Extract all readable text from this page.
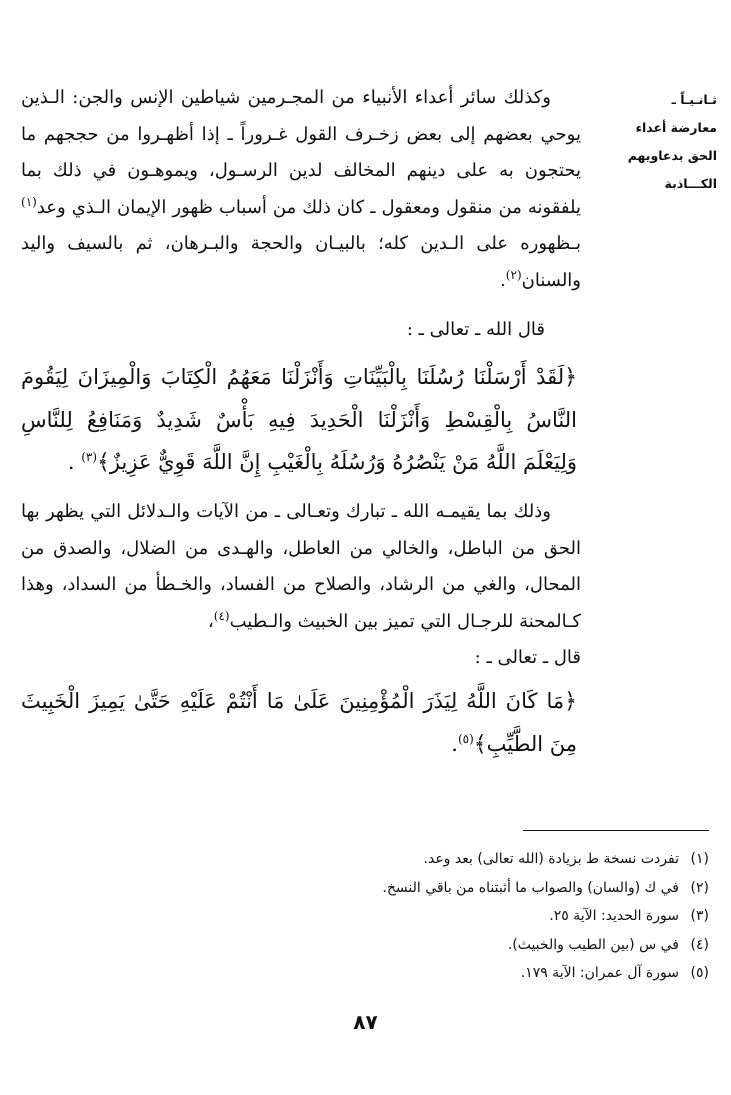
ثـانـيـاً ـ
معارضة أعداء
الحق بدعاويهم
الكـــاذبة

وكذلك سائر أعداء الأنبياء من المجـرمين شياطين الإنس والجن: الـذين يوحي بعضهم إلى بعض زخـرف القول غـروراً ـ إذا أظهـروا من حججهم ما يحتجون به على دينهم المخالف لدين الرسـول، ويموهـون في ذلك بما يلفقونه من منقول ومعقول ـ كان ذلك من أسباب ظهور الإيمان الـذي وعد$^{(١)}$ بـظهوره على الـدين كله؛ بالبيـان والحجة والبـرهان، ثم بالسيف واليد والسنان$^{(٢)}$.

قال الله ـ تعالى ـ :

﴿لَقَدْ أَرْسَلْنَا رُسُلَنَا بِالْبَيِّنَاتِ وَأَنْزَلْنَا مَعَهُمُ الْكِتَابَ وَالْمِيزَانَ لِيَقُومَ النَّاسُ بِالْقِسْطِ وَأَنْزَلْنَا الْحَدِيدَ فِيهِ بَأْسٌ شَدِيدٌ وَمَنَافِعُ لِلنَّاسِ وَلِيَعْلَمَ اللَّهُ مَنْ يَنْصُرُهُ وَرُسُلَهُ بِالْغَيْبِ إِنَّ اللَّهَ قَوِيٌّ عَزِيزٌ﴾$^{(٣)}$ .

وذلك بما يقيمـه الله ـ تبارك وتعـالى ـ من الآيات والـدلائل التي يظهر بها الحق من الباطل، والخالي من العاطل، والهـدى من الضلال، والصدق من المحال، والغي من الرشاد، والصلاح من الفساد، والخـطأ من السداد، وهذا كـالمحنة للرجـال التي تميز بين الخبيث والـطيب$^{(٤)}$،

قال ـ تعالى ـ :

﴿مَا كَانَ اللَّهُ لِيَذَرَ الْمُؤْمِنِينَ عَلَىٰ مَا أَنْتُمْ عَلَيْهِ حَتَّىٰ يَمِيزَ الْخَبِيثَ مِنَ الطَّيِّبِ﴾$^{(٥)}$.

(١)
تفردت نسخة ط بزيادة (الله تعالى) بعد وعد.
(٢)
في ك (والسان) والصواب ما أثبتناه من باقي النسخ.
(٣)
سورة الحديد: الآية ٢٥.
(٤)
في س (بين الطيب والخبيث).
(٥)
سورة آل عمران: الآية ١٧٩.
٨٧
